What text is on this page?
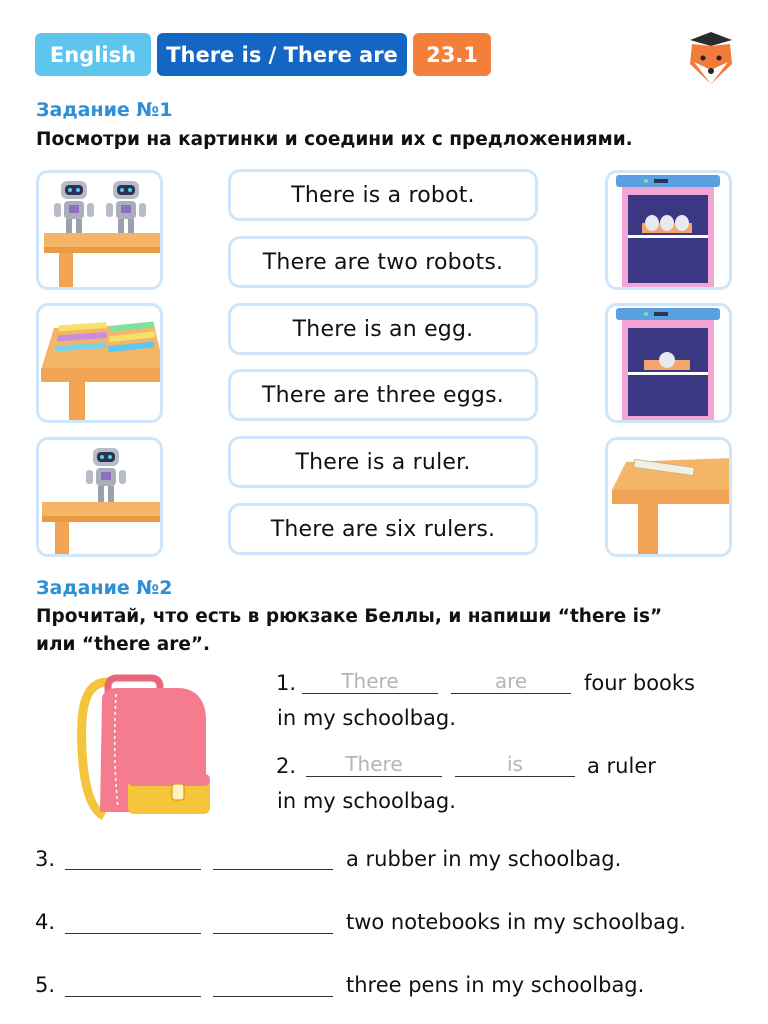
English	There is / There are	23.1
Задание №1
Посмотри на картинки и соедини их с предложениями.
There is a robot.
There are two robots.
There is an egg.
There are three eggs.
There is a ruler.
There are six rulers.
Задание №2
Прочитай, что есть в рюкзаке Беллы, и напиши “there is”
или “there are”.
1.	There	are	four books
in my schoolbag.
2.	There	is	a ruler
in my schoolbag.
3.	a rubber in my schoolbag.
4.	two notebooks in my schoolbag.
5.	three pens in my schoolbag.
